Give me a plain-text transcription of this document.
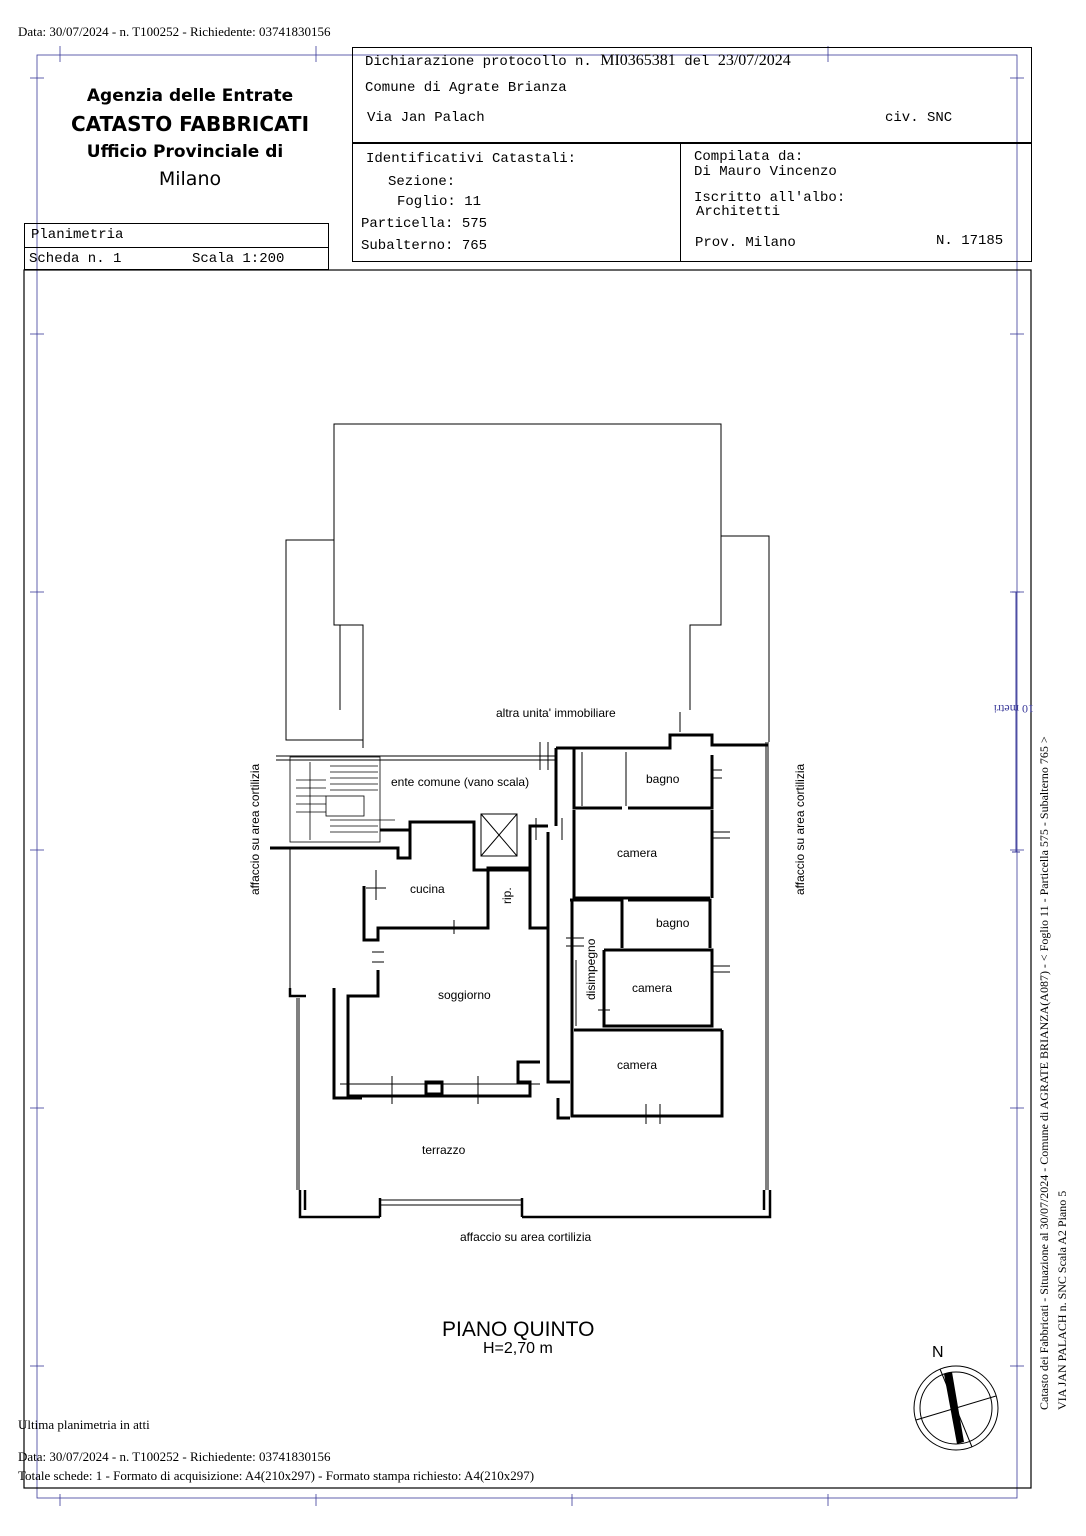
Data: 30/07/2024 - n. T100252 - Richiedente: 03741830156
Agenzia delle Entrate
CATASTO FABBRICATI
Ufficio Provinciale di
Milano
Planimetria
Scheda n. 1	Scala 1:200
Dichiarazione protocollo n. MI0365381 del 23/07/2024
Comune di Agrate Brianza
Via Jan Palach	civ. SNC
Identificativi Catastali:
Sezione:
Foglio: 11
Particella: 575
Subalterno: 765
Compilata da:
Di Mauro Vincenzo
Iscritto all'albo:
Architetti
Prov. Milano	N. 17185
altra unita' immobiliare
ente comune (vano scala)	bagno
camera
cucina	rip.
bagno
disimpegno	camera
soggiorno
camera
terrazzo
affaccio su area cortilizia	affaccio su area cortilizia
affaccio su area cortilizia
PIANO QUINTO
H=2,70 m	N
10 metri
Catasto dei Fabbricati - Situazione al 30/07/2024 - Comune di AGRATE BRIANZA(A087) - < Foglio 11 - Particella 575 - Subalterno 765 > VIA JAN PALACH n. SNC Scala A2 Piano 5
Ultima planimetria in atti
Data: 30/07/2024 - n. T100252 - Richiedente: 03741830156
Totale schede: 1 - Formato di acquisizione: A4(210x297) - Formato stampa richiesto: A4(210x297)
